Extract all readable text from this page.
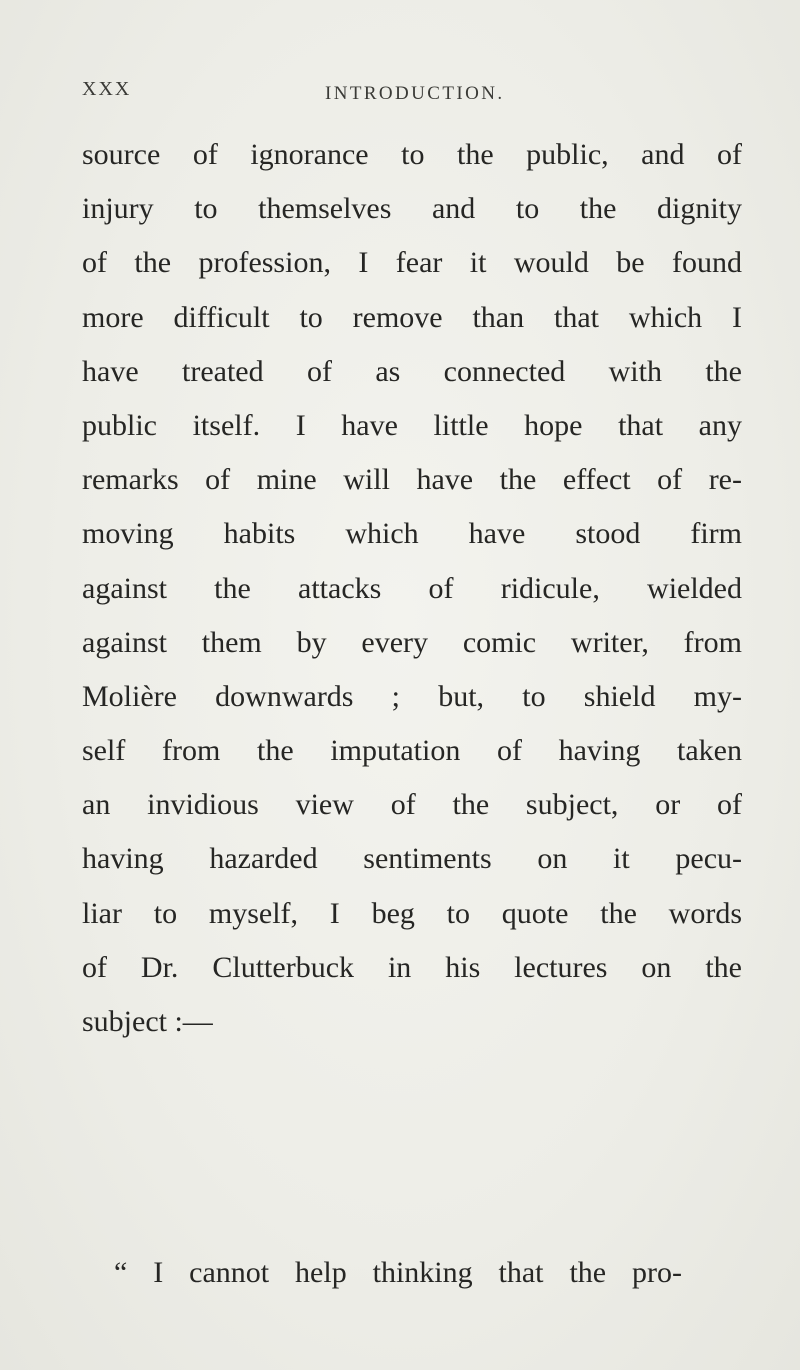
XXX	INTRODUCTION.
source of ignorance to the public, and of
injury to themselves and to the dignity
of the profession, I fear it would be found
more difficult to remove than that which I
have treated of as connected with the
public itself. I have little hope that any
remarks of mine will have the effect of re-
moving habits which have stood firm
against the attacks of ridicule, wielded
against them by every comic writer, from
Molière downwards ; but, to shield my-
self from the imputation of having taken
an invidious view of the subject, or of
having hazarded sentiments on it pecu-
liar to myself, I beg to quote the words
of Dr. Clutterbuck in his lectures on the
subject :—
“ I cannot help thinking that the pro-
